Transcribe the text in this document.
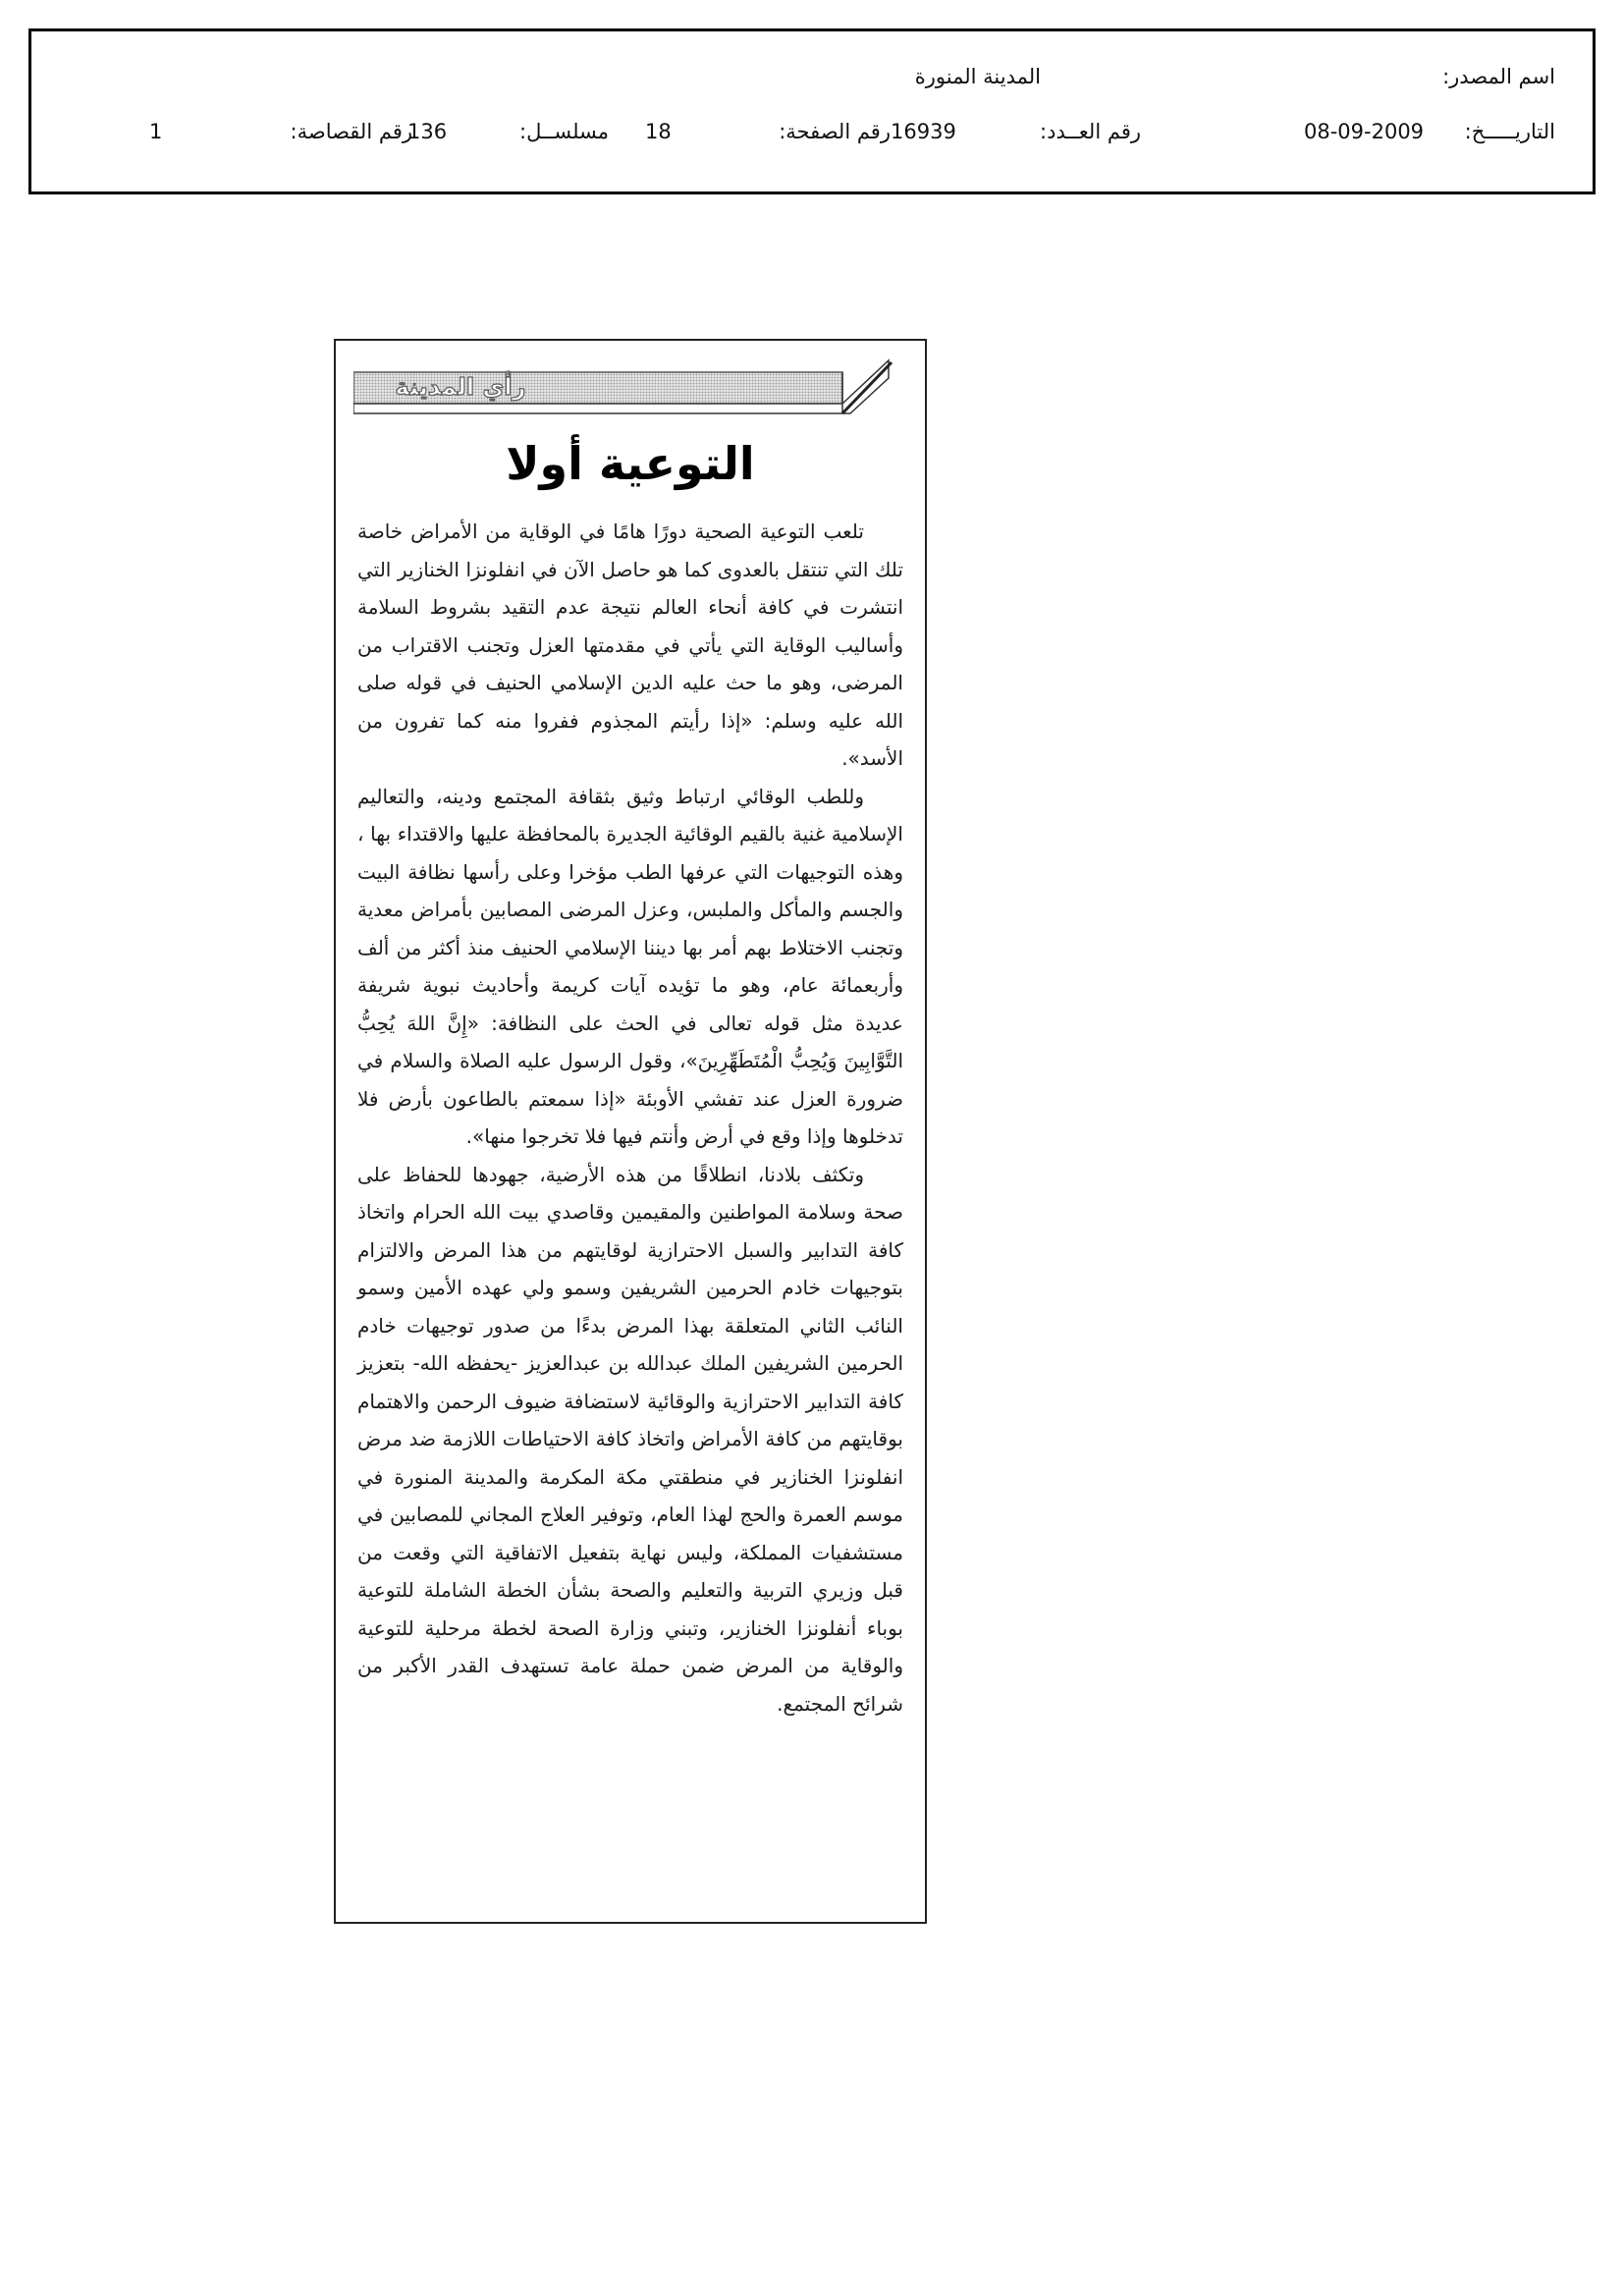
اسم المصدر:
المدينة المنورة
التاريـــــخ:
08-09-2009
رقم العــدد:
16939
رقم الصفحة:
18
مسلســل:
136
رقم القصاصة:
1
رأي المدينة
التوعية أولا

تلعب التوعية الصحية دورًا هامًا في الوقاية من الأمراض خاصة تلك التي تنتقل بالعدوى كما هو حاصل الآن في انفلونزا الخنازير التي انتشرت في كافة أنحاء العالم نتيجة عدم التقيد بشروط السلامة وأساليب الوقاية التي يأتي في مقدمتها العزل وتجنب الاقتراب من المرضى، وهو ما حث عليه الدين الإسلامي الحنيف في قوله صلى الله عليه وسلم: «إذا رأيتم المجذوم ففروا منه كما تفرون من الأسد».

وللطب الوقائي ارتباط وثيق بثقافة المجتمع ودينه، والتعاليم الإسلامية غنية بالقيم الوقائية الجديرة بالمحافظة عليها والاقتداء بها ، وهذه التوجيهات التي عرفها الطب مؤخرا وعلى رأسها نظافة البيت والجسم والمأكل والملبس، وعزل المرضى المصابين بأمراض معدية وتجنب الاختلاط بهم أمر بها ديننا الإسلامي الحنيف منذ أكثر من ألف وأربعمائة عام، وهو ما تؤيده آيات كريمة وأحاديث نبوية شريفة عديدة مثل قوله تعالى في الحث على النظافة: «إِنَّ اللهَ يُحِبُّ التَّوَّابِينَ وَيُحِبُّ الْمُتَطَهِّرِينَ»، وقول الرسول عليه الصلاة والسلام في ضرورة العزل عند تفشي الأوبئة «إذا سمعتم بالطاعون بأرض فلا تدخلوها وإذا وقع في أرض وأنتم فيها فلا تخرجوا منها».

وتكثف بلادنا، انطلاقًا من هذه الأرضية، جهودها للحفاظ على صحة وسلامة المواطنين والمقيمين وقاصدي بيت الله الحرام واتخاذ كافة التدابير والسبل الاحترازية لوقايتهم من هذا المرض والالتزام بتوجيهات خادم الحرمين الشريفين وسمو ولي عهده الأمين وسمو النائب الثاني المتعلقة بهذا المرض بدءًا من صدور توجيهات خادم الحرمين الشريفين الملك عبدالله بن عبدالعزيز -يحفظه الله- بتعزيز كافة التدابير الاحترازية والوقائية لاستضافة ضيوف الرحمن والاهتمام بوقايتهم من كافة الأمراض واتخاذ كافة الاحتياطات اللازمة ضد مرض انفلونزا الخنازير في منطقتي مكة المكرمة والمدينة المنورة في موسم العمرة والحج لهذا العام، وتوفير العلاج المجاني للمصابين في مستشفيات المملكة، وليس نهاية بتفعيل الاتفاقية التي وقعت من قبل وزيري التربية والتعليم والصحة بشأن الخطة الشاملة للتوعية بوباء أنفلونزا الخنازير، وتبني وزارة الصحة لخطة مرحلية للتوعية والوقاية من المرض ضمن حملة عامة تستهدف القدر الأكبر من شرائح المجتمع.
